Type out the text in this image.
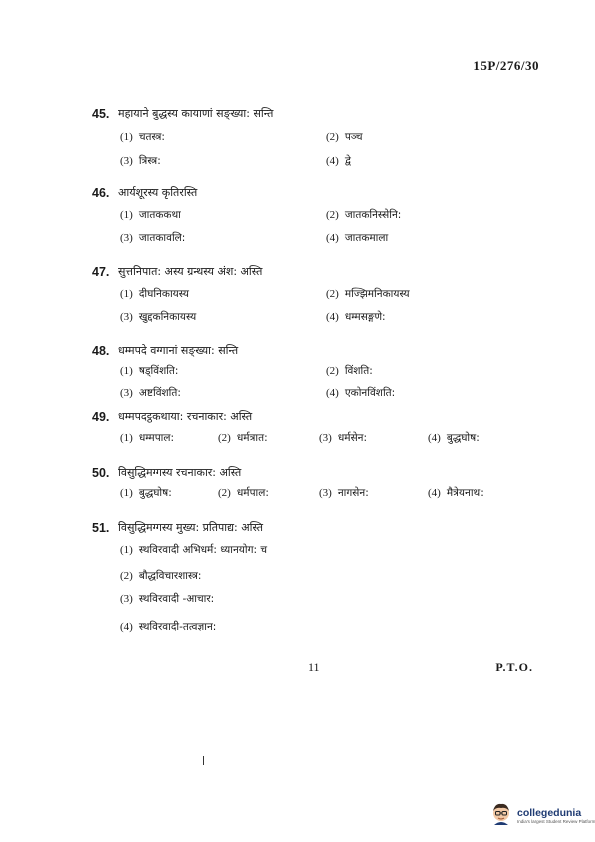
15P/276/30
45. महायाने बुद्धस्य कायाणां सङ्ख्या: सन्ति
(1) चतस्त्र:	(2) पञ्च
(3) त्रिस्त्र:	(4) द्वे
46. आर्यशूरस्य कृतिरस्ति
(1) जातककथा	(2) जातकनिस्सेनि:
(3) जातकावलि:	(4) जातकमाला
47. सुत्तनिपात: अस्य ग्रन्थस्य अंश: अस्ति
(1) दीघनिकायस्य	(2) मज्झिमनिकायस्य
(3) खुद्दकनिकायस्य	(4) धम्मसङ्गणे:
48. धम्मपदे वग्गानां सङ्ख्या: सन्ति
(1) षड्विंशति:	(2) विंशति:
(3) अष्टविंशति:	(4) एकोनविंशति:
49. धम्मपदट्ठकथाया: रचनाकार: अस्ति
(1) धम्मपाल:	(2) धर्मत्रात:	(3) धर्मसेन:	(4) बुद्धघोष:
50. विसुद्धिमग्गस्य रचनाकार: अस्ति
(1) बुद्धघोष:	(2) धर्मपाल:	(3) नागसेन:	(4) मैत्रेयनाथ:
51. विसुद्धिमग्गस्य मुख्य: प्रतिपाद्य: अस्ति
(1) स्थविरवादी अभिधर्म: ध्यानयोग: च
(2) बौद्धविचारशास्त्र:
(3) स्थविरवादी -आचार:
(4) स्थविरवादी-तत्वज्ञान:
11	P.T.O.
collegedunia
India's largest Student Review Platform
